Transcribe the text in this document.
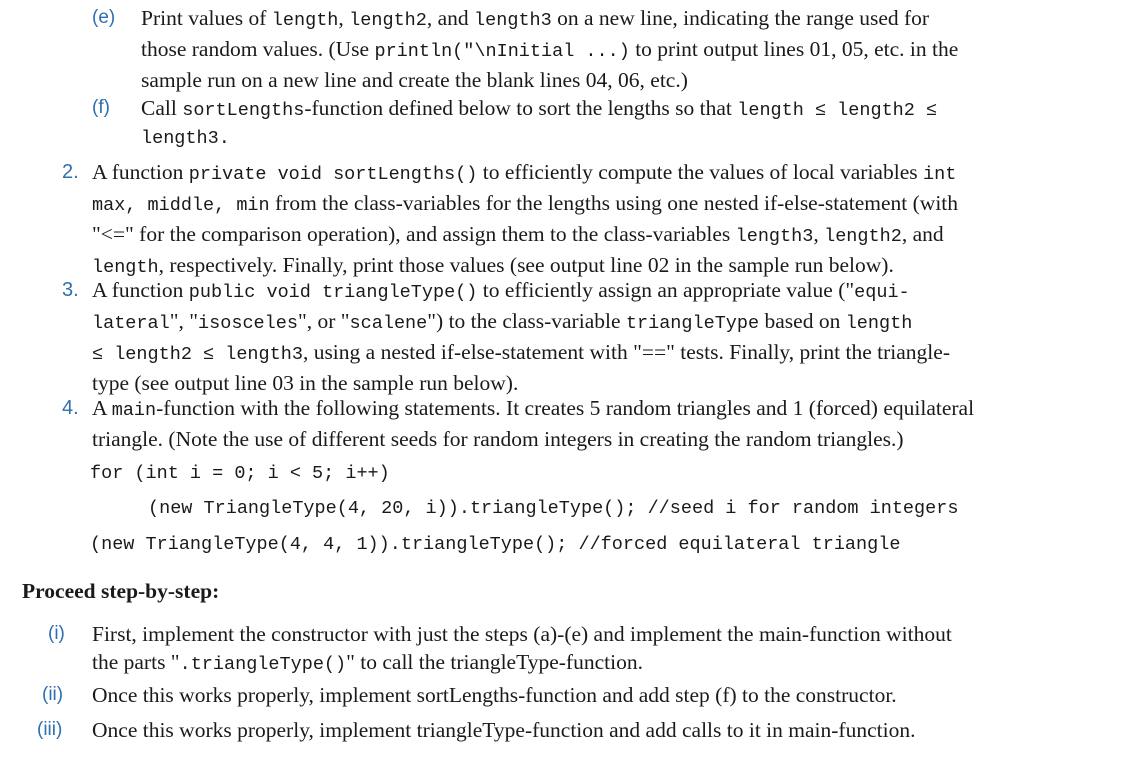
(e) Print values of length, length2, and length3 on a new line, indicating the range used for
those random values. (Use println("\nInitial ...) to print output lines 01, 05, etc. in the
sample run on a new line and create the blank lines 04, 06, etc.)
(f) Call sortLengths-function defined below to sort the lengths so that length ≤ length2 ≤
length3.
2. A function private void sortLengths() to efficiently compute the values of local variables int
max, middle, min from the class-variables for the lengths using one nested if-else-statement (with
"<=" for the comparison operation), and assign them to the class-variables length3, length2, and
length, respectively. Finally, print those values (see output line 02 in the sample run below).
3. A function public void triangleType() to efficiently assign an appropriate value ("equi-
lateral", "isosceles", or "scalene") to the class-variable triangleType based on length
≤ length2 ≤ length3, using a nested if-else-statement with "==" tests. Finally, print the triangle-
type (see output line 03 in the sample run below).
4. A main-function with the following statements. It creates 5 random triangles and 1 (forced) equilateral
triangle. (Note the use of different seeds for random integers in creating the random triangles.)
for (int i = 0; i < 5; i++)
(new TriangleType(4, 20, i)).triangleType(); //seed i for random integers
(new TriangleType(4, 4, 1)).triangleType(); //forced equilateral triangle
Proceed step-by-step:
(i) First, implement the constructor with just the steps (a)-(e) and implement the main-function without
the parts ".triangleType()" to call the triangleType-function.
(ii) Once this works properly, implement sortLengths-function and add step (f) to the constructor.
(iii) Once this works properly, implement triangleType-function and add calls to it in main-function.
